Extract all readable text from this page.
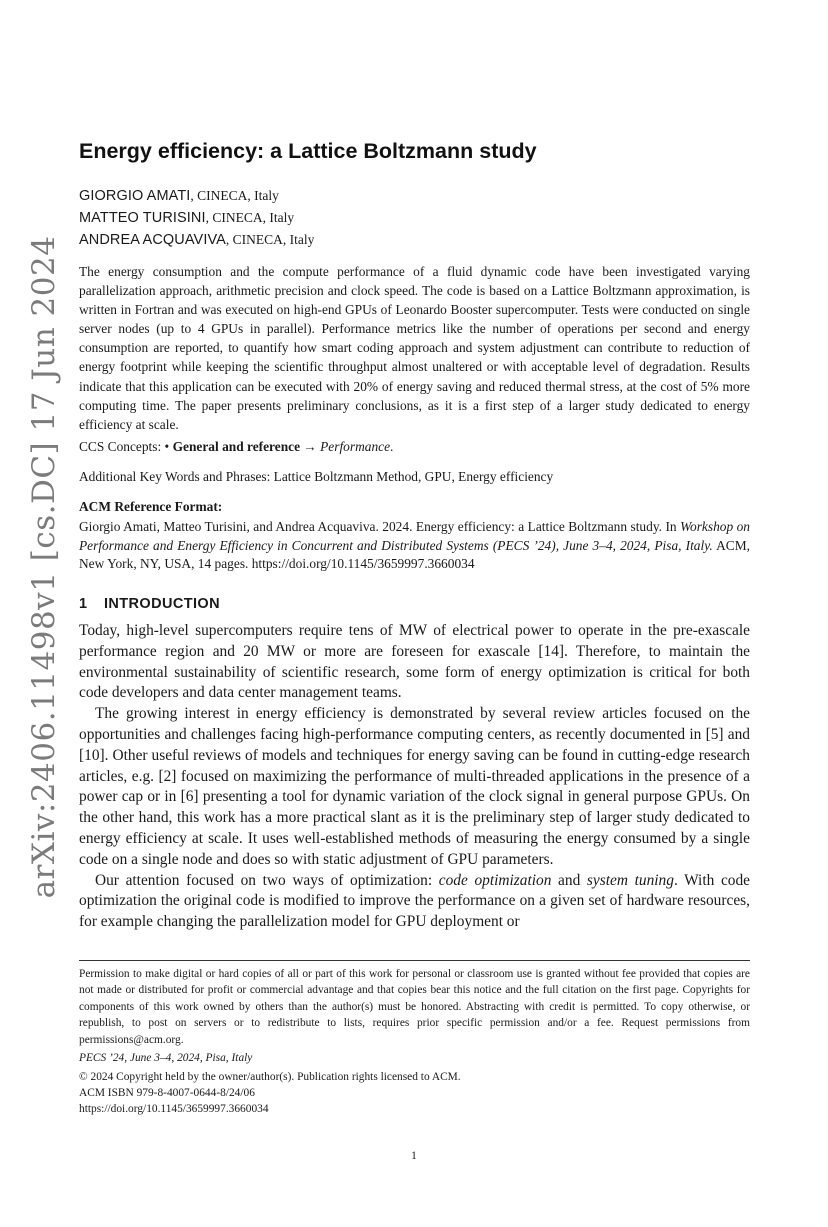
arXiv:2406.11498v1 [cs.DC] 17 Jun 2024
Energy efficiency: a Lattice Boltzmann study
GIORGIO AMATI, CINECA, Italy
MATTEO TURISINI, CINECA, Italy
ANDREA ACQUAVIVA, CINECA, Italy
The energy consumption and the compute performance of a fluid dynamic code have been investigated varying parallelization approach, arithmetic precision and clock speed. The code is based on a Lattice Boltzmann approximation, is written in Fortran and was executed on high-end GPUs of Leonardo Booster supercomputer. Tests were conducted on single server nodes (up to 4 GPUs in parallel). Performance metrics like the number of operations per second and energy consumption are reported, to quantify how smart coding approach and system adjustment can contribute to reduction of energy footprint while keeping the scientific throughput almost unaltered or with acceptable level of degradation. Results indicate that this application can be executed with 20% of energy saving and reduced thermal stress, at the cost of 5% more computing time. The paper presents preliminary conclusions, as it is a first step of a larger study dedicated to energy efficiency at scale.
CCS Concepts: • General and reference → Performance.
Additional Key Words and Phrases: Lattice Boltzmann Method, GPU, Energy efficiency
ACM Reference Format:
Giorgio Amati, Matteo Turisini, and Andrea Acquaviva. 2024. Energy efficiency: a Lattice Boltzmann study. In Workshop on Performance and Energy Efficiency in Concurrent and Distributed Systems (PECS ’24), June 3–4, 2024, Pisa, Italy. ACM, New York, NY, USA, 14 pages. https://doi.org/10.1145/3659997.3660034
1 INTRODUCTION

Today, high-level supercomputers require tens of MW of electrical power to operate in the pre-exascale performance region and 20 MW or more are foreseen for exascale [14]. Therefore, to maintain the environmental sustainability of scientific research, some form of energy optimization is critical for both code developers and data center management teams.

The growing interest in energy efficiency is demonstrated by several review articles focused on the opportunities and challenges facing high-performance computing centers, as recently documented in [5] and [10]. Other useful reviews of models and techniques for energy saving can be found in cutting-edge research articles, e.g. [2] focused on maximizing the performance of multi-threaded applications in the presence of a power cap or in [6] presenting a tool for dynamic variation of the clock signal in general purpose GPUs. On the other hand, this work has a more practical slant as it is the preliminary step of larger study dedicated to energy efficiency at scale. It uses well-established methods of measuring the energy consumed by a single code on a single node and does so with static adjustment of GPU parameters.

Our attention focused on two ways of optimization: code optimization and system tuning. With code optimization the original code is modified to improve the performance on a given set of hardware resources, for example changing the parallelization model for GPU deployment or

Permission to make digital or hard copies of all or part of this work for personal or classroom use is granted without fee provided that copies are not made or distributed for profit or commercial advantage and that copies bear this notice and the full citation on the first page. Copyrights for components of this work owned by others than the author(s) must be honored. Abstracting with credit is permitted. To copy otherwise, or republish, to post on servers or to redistribute to lists, requires prior specific permission and/or a fee. Request permissions from permissions@acm.org.
PECS ’24, June 3–4, 2024, Pisa, Italy
© 2024 Copyright held by the owner/author(s). Publication rights licensed to ACM.
ACM ISBN 979-8-4007-0644-8/24/06
https://doi.org/10.1145/3659997.3660034
1
